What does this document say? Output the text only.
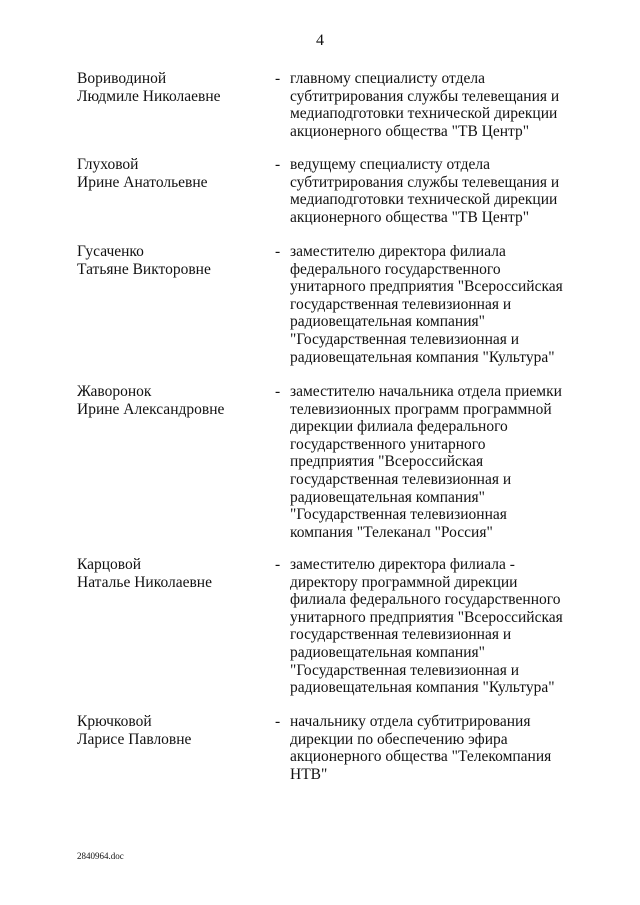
4
Вориводиной
Людмиле Николаевне
- главному специалисту отдела
субтитрирования службы телевещания и
медиаподготовки технической дирекции
акционерного общества "ТВ Центр"
Глуховой
Ирине Анатольевне
- ведущему специалисту отдела
субтитрирования службы телевещания и
медиаподготовки технической дирекции
акционерного общества "ТВ Центр"
Гусаченко
Татьяне Викторовне
- заместителю директора филиала
федерального государственного
унитарного предприятия "Всероссийская
государственная телевизионная и
радиовещательная компания"
"Государственная телевизионная и
радиовещательная компания "Культура"
Жаворонок
Ирине Александровне
- заместителю начальника отдела приемки
телевизионных программ программной
дирекции филиала федерального
государственного унитарного
предприятия "Всероссийская
государственная телевизионная и
радиовещательная компания"
"Государственная телевизионная
компания "Телеканал "Россия"
Карцовой
Наталье Николаевне
- заместителю директора филиала -
директору программной дирекции
филиала федерального государственного
унитарного предприятия "Всероссийская
государственная телевизионная и
радиовещательная компания"
"Государственная телевизионная и
радиовещательная компания "Культура"
Крючковой
Ларисе Павловне
- начальнику отдела субтитрирования
дирекции по обеспечению эфира
акционерного общества "Телекомпания
НТВ"
2840964.doc
